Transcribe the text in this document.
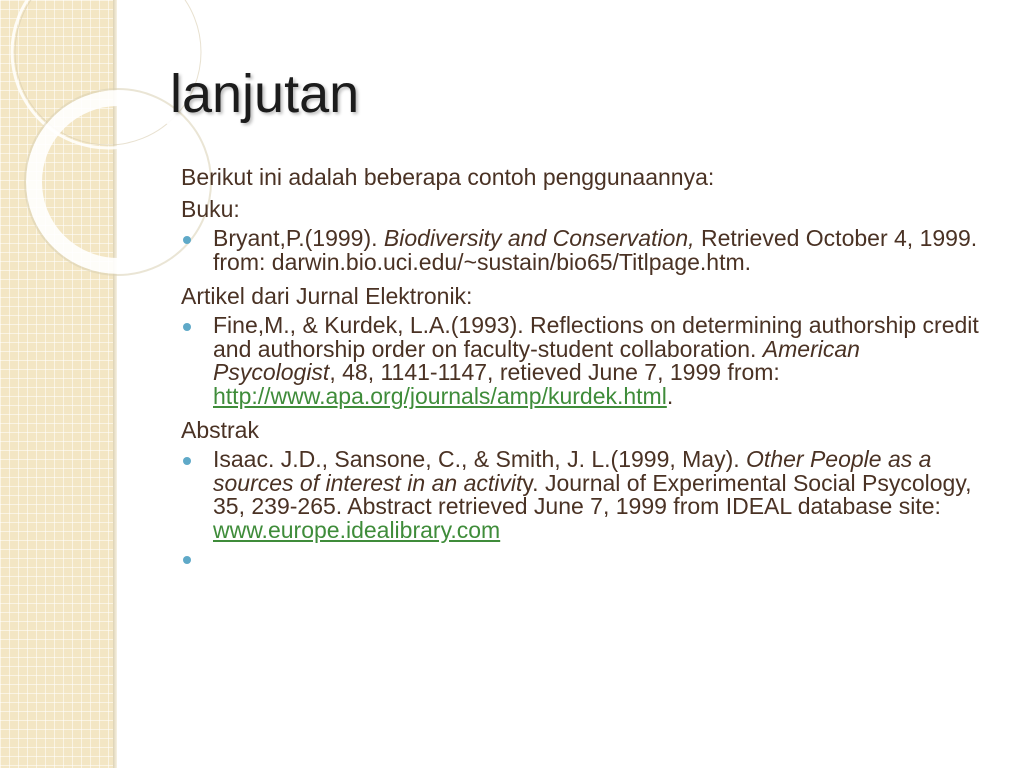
lanjutan
Berikut ini adalah beberapa contoh penggunaannya:
Buku:
Bryant,P.(1999). Biodiversity and Conservation, Retrieved October 4, 1999. from: darwin.bio.uci.edu/~sustain/bio65/Titlpage.htm.
Artikel dari Jurnal Elektronik:
Fine,M., & Kurdek, L.A.(1993). Reflections on determining authorship credit and authorship order on faculty-student collaboration. American Psycologist, 48, 1141-1147, retieved June 7, 1999 from: http://www.apa.org/journals/amp/kurdek.html.
Abstrak
Isaac. J.D., Sansone, C., & Smith, J. L.(1999, May). Other People as a sources of interest in an activity. Journal of Experimental Social Psycology, 35, 239-265. Abstract retrieved June 7, 1999 from IDEAL database site: www.europe.idealibrary.com
